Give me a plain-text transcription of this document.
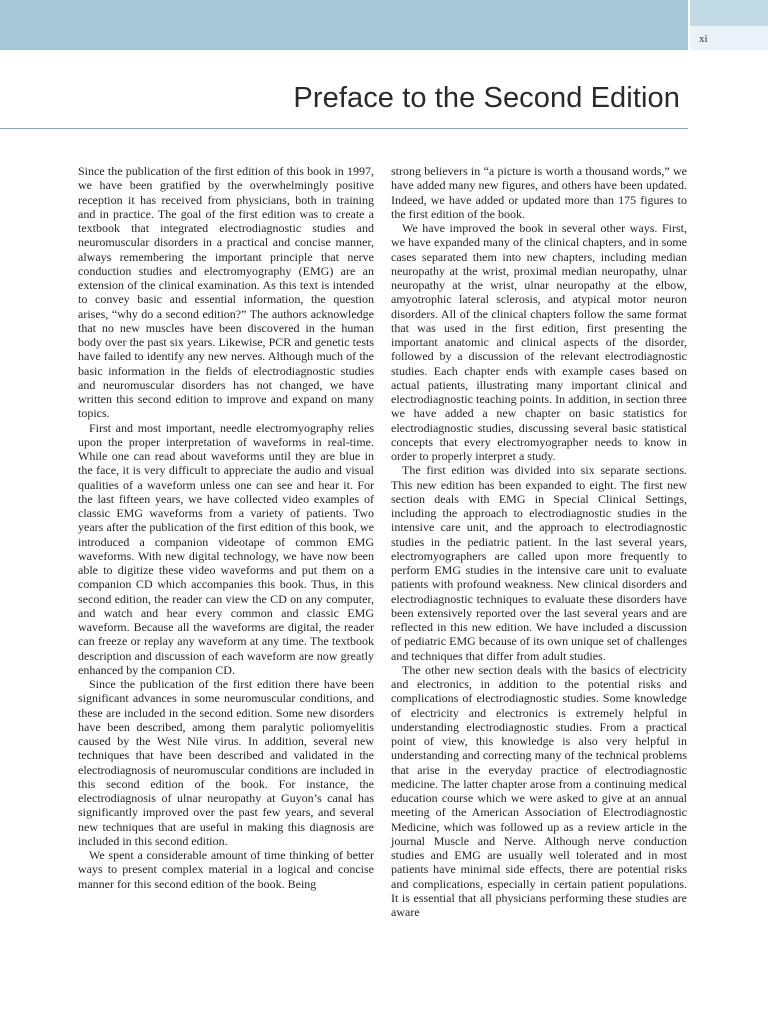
xi
Preface to the Second Edition

Since the publication of the first edition of this book in 1997, we have been gratified by the overwhelmingly positive reception it has received from physicians, both in training and in practice. The goal of the first edition was to create a textbook that integrated electrodiagnostic studies and neuromuscular disorders in a practical and concise manner, always remembering the important principle that nerve conduction studies and electromyography (EMG) are an extension of the clinical examination. As this text is intended to convey basic and essential information, the question arises, “why do a second edition?” The authors acknowledge that no new muscles have been discovered in the human body over the past six years. Likewise, PCR and genetic tests have failed to identify any new nerves. Although much of the basic information in the fields of electrodiagnostic studies and neuromuscular disorders has not changed, we have written this second edition to improve and expand on many topics.

First and most important, needle electromyography relies upon the proper interpretation of waveforms in real-time. While one can read about waveforms until they are blue in the face, it is very difficult to appreciate the audio and visual qualities of a waveform unless one can see and hear it. For the last fifteen years, we have collected video examples of classic EMG waveforms from a variety of patients. Two years after the publication of the first edition of this book, we introduced a companion videotape of common EMG waveforms. With new digital technology, we have now been able to digitize these video waveforms and put them on a companion CD which accompanies this book. Thus, in this second edition, the reader can view the CD on any computer, and watch and hear every common and classic EMG waveform. Because all the waveforms are digital, the reader can freeze or replay any waveform at any time. The textbook description and discussion of each waveform are now greatly enhanced by the companion CD.

Since the publication of the first edition there have been significant advances in some neuromuscular conditions, and these are included in the second edition. Some new disorders have been described, among them paralytic poliomyelitis caused by the West Nile virus. In addition, several new techniques that have been described and validated in the electrodiagnosis of neuromuscular conditions are included in this second edition of the book. For instance, the electrodiagnosis of ulnar neuropathy at Guyon’s canal has significantly improved over the past few years, and several new techniques that are useful in making this diagnosis are included in this second edition.

We spent a considerable amount of time thinking of better ways to present complex material in a logical and concise manner for this second edition of the book. Being

strong believers in “a picture is worth a thousand words,” we have added many new figures, and others have been updated. Indeed, we have added or updated more than 175 figures to the first edition of the book.

We have improved the book in several other ways. First, we have expanded many of the clinical chapters, and in some cases separated them into new chapters, including median neuropathy at the wrist, proximal median neuropathy, ulnar neuropathy at the wrist, ulnar neuropathy at the elbow, amyotrophic lateral sclerosis, and atypical motor neuron disorders. All of the clinical chapters follow the same format that was used in the first edition, first presenting the important anatomic and clinical aspects of the disorder, followed by a discussion of the relevant electrodiagnostic studies. Each chapter ends with example cases based on actual patients, illustrating many important clinical and electrodiagnostic teaching points. In addition, in section three we have added a new chapter on basic statistics for electrodiagnostic studies, discussing several basic statistical concepts that every electromyographer needs to know in order to properly interpret a study.

The first edition was divided into six separate sections. This new edition has been expanded to eight. The first new section deals with EMG in Special Clinical Settings, including the approach to electrodiagnostic studies in the intensive care unit, and the approach to electrodiagnostic studies in the pediatric patient. In the last several years, electromyographers are called upon more frequently to perform EMG studies in the intensive care unit to evaluate patients with profound weakness. New clinical disorders and electrodiagnostic techniques to evaluate these disorders have been extensively reported over the last several years and are reflected in this new edition. We have included a discussion of pediatric EMG because of its own unique set of challenges and techniques that differ from adult studies.

The other new section deals with the basics of electricity and electronics, in addition to the potential risks and complications of electrodiagnostic studies. Some knowledge of electricity and electronics is extremely helpful in understanding electrodiagnostic studies. From a practical point of view, this knowledge is also very helpful in understanding and correcting many of the technical problems that arise in the everyday practice of electrodiagnostic medicine. The latter chapter arose from a continuing medical education course which we were asked to give at an annual meeting of the American Association of Electrodiagnostic Medicine, which was followed up as a review article in the journal Muscle and Nerve. Although nerve conduction studies and EMG are usually well tolerated and in most patients have minimal side effects, there are potential risks and complications, especially in certain patient populations. It is essential that all physicians performing these studies are aware
